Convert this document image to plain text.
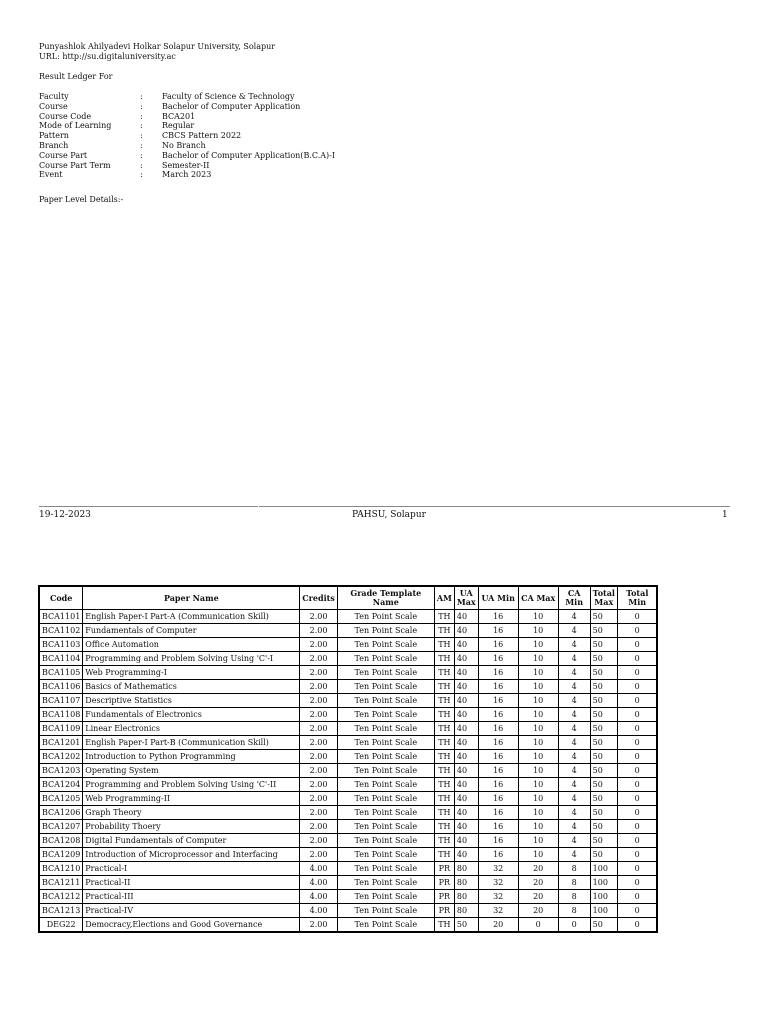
Punyashlok Ahilyadevi Holkar Solapur University, Solapur
URL: http://su.digitaluniversity.ac
Result Ledger For
Faculty	: Faculty of Science & Technology
Course	: Bachelor of Computer Application
Course Code	: BCA201
Mode of Learning	: Regular
Pattern	: CBCS Pattern 2022
Branch	: No Branch
Course Part	: Bachelor of Computer Application(B.C.A)-I
Course Part Term	: Semester-II
Event	: March 2023
Paper Level Details:-
19-12-2023	PAHSU, Solapur	1
Code	Paper Name	Credits	Grade Template Name	AM	UA Max	UA Min	CA Max	CA Min	Total Max	Total Min
BCA1101	English Paper-I Part-A (Communication Skill)	2.00	Ten Point Scale	TH	40	16	10	4	50	0
BCA1102	Fundamentals of Computer	2.00	Ten Point Scale	TH	40	16	10	4	50	0
BCA1103	Office Automation	2.00	Ten Point Scale	TH	40	16	10	4	50	0
BCA1104	Programming and Problem Solving Using 'C'-I	2.00	Ten Point Scale	TH	40	16	10	4	50	0
BCA1105	Web Programming-I	2.00	Ten Point Scale	TH	40	16	10	4	50	0
BCA1106	Basics of Mathematics	2.00	Ten Point Scale	TH	40	16	10	4	50	0
BCA1107	Descriptive Statistics	2.00	Ten Point Scale	TH	40	16	10	4	50	0
BCA1108	Fundamentals of Electronics	2.00	Ten Point Scale	TH	40	16	10	4	50	0
BCA1109	Linear Electronics	2.00	Ten Point Scale	TH	40	16	10	4	50	0
BCA1201	English Paper-I Part-B (Communication Skill)	2.00	Ten Point Scale	TH	40	16	10	4	50	0
BCA1202	Introduction to Python Programming	2.00	Ten Point Scale	TH	40	16	10	4	50	0
BCA1203	Operating System	2.00	Ten Point Scale	TH	40	16	10	4	50	0
BCA1204	Programming and Problem Solving Using 'C'-II	2.00	Ten Point Scale	TH	40	16	10	4	50	0
BCA1205	Web Programming-II	2.00	Ten Point Scale	TH	40	16	10	4	50	0
BCA1206	Graph Theory	2.00	Ten Point Scale	TH	40	16	10	4	50	0
BCA1207	Probability Thoery	2.00	Ten Point Scale	TH	40	16	10	4	50	0
BCA1208	Digital Fundamentals of Computer	2.00	Ten Point Scale	TH	40	16	10	4	50	0
BCA1209	Introduction of Microprocessor and Interfacing	2.00	Ten Point Scale	TH	40	16	10	4	50	0
BCA1210	Practical-I	4.00	Ten Point Scale	PR	80	32	20	8	100	0
BCA1211	Practical-II	4.00	Ten Point Scale	PR	80	32	20	8	100	0
BCA1212	Practical-III	4.00	Ten Point Scale	PR	80	32	20	8	100	0
BCA1213	Practical-IV	4.00	Ten Point Scale	PR	80	32	20	8	100	0
DEG22	Democracy,Elections and Good Governance	2.00	Ten Point Scale	TH	50	20	0	0	50	0
